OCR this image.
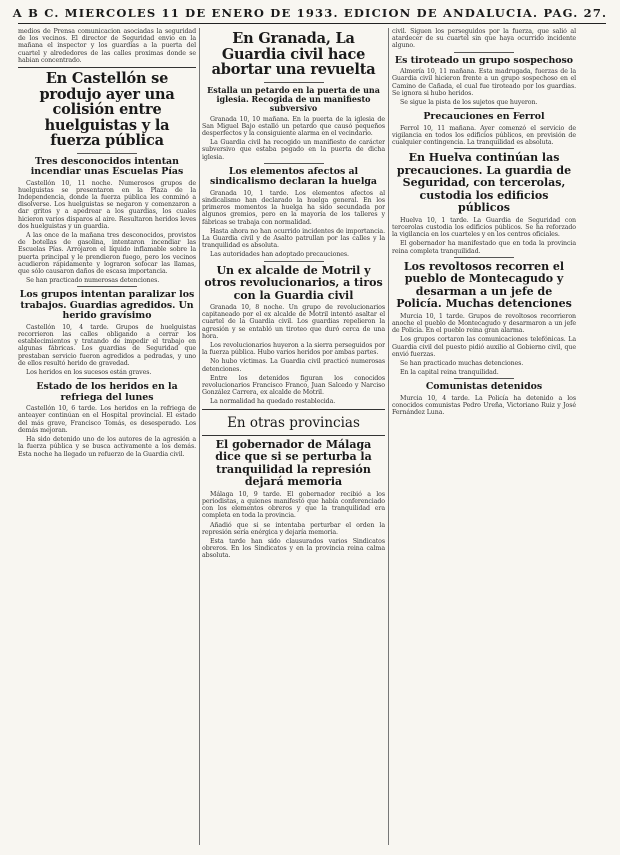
A B C. MIERCOLES 11 DE ENERO DE 1933. EDICION DE ANDALUCIA. PAG. 27.

medios de Prensa comunicacion asociadas la seguridad de los vecinos. El director de Seguridad envio en la mañana el inspector y los guardias a la puerta del cuartel y alrededores de las calles proximas donde se habian concentrado.

En Castellón se produjo ayer una colisión entre huelguistas y la fuerza pública
Tres desconocidos intentan incendiar unas Escuelas Pías

Castellón 10, 11 noche. Numerosos grupos de huelguistas se presentaron en la Plaza de la Independencia, donde la fuerza pública les conminó a disolverse. Los huelguistas se negaron y comenzaron a dar gritos y a apedrear a los guardias, los cuales hicieron varios disparos al aire. Resultaron heridos leves dos huelguistas y un guardia.

A las once de la mañana tres desconocidos, provistos de botellas de gasolina, intentaron incendiar las Escuelas Pías. Arrojaron el líquido inflamable sobre la puerta principal y le prendieron fuego, pero los vecinos acudieron rápidamente y lograron sofocar las llamas, que sólo causaron daños de escasa importancia.

Se han practicado numerosas detenciones.

Los grupos intentan paralizar los trabajos. Guardias agredidos. Un herido gravísimo

Castellón 10, 4 tarde. Grupos de huelguistas recorrieron las calles obligando a cerrar los establecimientos y tratando de impedir el trabajo en algunas fábricas. Los guardias de Seguridad que prestaban servicio fueron agredidos a pedradas, y uno de ellos resultó herido de gravedad.

Los heridos en los sucesos están graves.

Estado de los heridos en la refriega del lunes

Castellón 10, 6 tarde. Los heridos en la refriega de anteayer continúan en el Hospital provincial. El estado del más grave, Francisco Tomás, es desesperado. Los demás mejoran.

Ha sido detenido uno de los autores de la agresión a la fuerza pública y se busca activamente a los demás. Esta noche ha llegado un refuerzo de la Guardia civil.

En Granada, La Guardia civil hace abortar una revuelta
Estalla un petardo en la puerta de una iglesia. Recogida de un manifiesto subversivo

Granada 10, 10 mañana. En la puerta de la iglesia de San Miguel Bajo estalló un petardo que causó pequeños desperfectos y la consiguiente alarma en el vecindario.

La Guardia civil ha recogido un manifiesto de carácter subversivo que estaba pegado en la puerta de dicha iglesia.

Los elementos afectos al sindicalismo declaran la huelga

Granada 10, 1 tarde. Los elementos afectos al sindicalismo han declarado la huelga general. En los primeros momentos la huelga ha sido secundada por algunos gremios, pero en la mayoría de los talleres y fábricas se trabaja con normalidad.

Hasta ahora no han ocurrido incidentes de importancia. La Guardia civil y de Asalto patrullan por las calles y la tranquilidad es absoluta.

Las autoridades han adoptado precauciones.

Un ex alcalde de Motril y otros revolucionarios, a tiros con la Guardia civil

Granada 10, 8 noche. Un grupo de revolucionarios capitaneado por el ex alcalde de Motril intentó asaltar el cuartel de la Guardia civil. Los guardias repelieron la agresión y se entabló un tiroteo que duró cerca de una hora.

Los revolucionarios huyeron a la sierra perseguidos por la fuerza pública. Hubo varios heridos por ambas partes.

No hubo víctimas. La Guardia civil practicó numerosas detenciones.

Entre los detenidos figuran los conocidos revolucionarios Francisco Franco, Juan Salcedo y Narciso González Carrera, ex alcalde de Motril.

La normalidad ha quedado restablecida.

En otras provincias
El gobernador de Málaga dice que si se perturba la tranquilidad la represión dejará memoria

Málaga 10, 9 tarde. El gobernador recibió a los periodistas, a quienes manifestó que había conferenciado con los elementos obreros y que la tranquilidad era completa en toda la provincia.

Añadió que si se intentaba perturbar el orden la represión sería enérgica y dejaría memoria.

Esta tarde han sido clausurados varios Sindicatos obreros. En los Sindicatos y en la provincia reina calma absoluta.

civil. Siguen los perseguidos por la fuerza, que salió al atardecer de su cuartel sin que haya ocurrido incidente alguno.

Es tiroteado un grupo sospechoso

Almería 10, 11 mañana. Esta madrugada, fuerzas de la Guardia civil hicieron frente a un grupo sospechoso en el Camino de Cañada, el cual fue tiroteado por los guardias. Se ignora si hubo heridos.

Se sigue la pista de los sujetos que huyeron.

Precauciones en Ferrol

Ferrol 10, 11 mañana. Ayer comenzó el servicio de vigilancia en todos los edificios públicos, en previsión de cualquier contingencia. La tranquilidad es absoluta.

En Huelva continúan las precauciones. La guardia de Seguridad, con tercerolas, custodia los edificios públicos

Huelva 10, 1 tarde. La Guardia de Seguridad con tercerolas custodia los edificios públicos. Se ha reforzado la vigilancia en los cuarteles y en los centros oficiales.

El gobernador ha manifestado que en toda la provincia reina completa tranquilidad.

Los revoltosos recorren el pueblo de Montecagudo y desarman a un jefe de Policía. Muchas detenciones

Murcia 10, 1 tarde. Grupos de revoltosos recorrieron anoche el pueblo de Montecagudo y desarmaron a un jefe de Policía. En el pueblo reina gran alarma.

Los grupos cortaron las comunicaciones telefónicas. La Guardia civil del puesto pidió auxilio al Gobierno civil, que envió fuerzas.

Se han practicado muchas detenciones.

En la capital reina tranquilidad.

Comunistas detenidos

Murcia 10, 4 tarde. La Policía ha detenido a los conocidos comunistas Pedro Ureña, Victoriano Ruiz y José Fernández Luna.
